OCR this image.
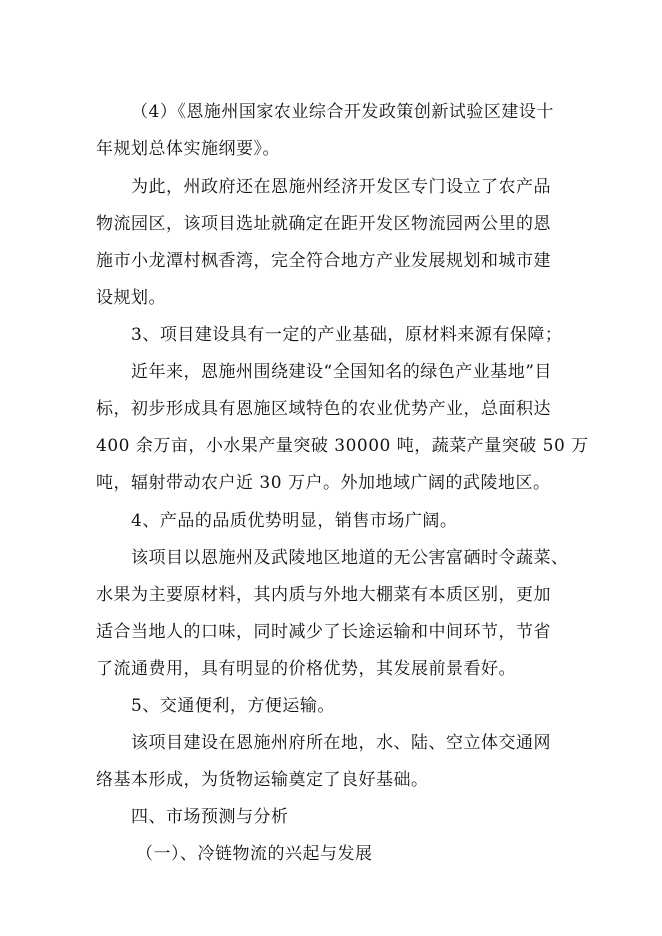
（4）《恩施州国家农业综合开发政策创新试验区建设十
年规划总体实施纲要》。
为此，州政府还在恩施州经济开发区专门设立了农产品
物流园区，该项目选址就确定在距开发区物流园两公里的恩
施市小龙潭村枫香湾，完全符合地方产业发展规划和城市建
设规划。
3、项目建设具有一定的产业基础，原材料来源有保障；
近年来，恩施州围绕建设“全国知名的绿色产业基地”目
标，初步形成具有恩施区域特色的农业优势产业，总面积达
400 余万亩，小水果产量突破 30000 吨，蔬菜产量突破 50 万
吨，辐射带动农户近 30 万户。外加地域广阔的武陵地区。
4、产品的品质优势明显，销售市场广阔。
该项目以恩施州及武陵地区地道的无公害富硒时令蔬菜、
水果为主要原材料，其内质与外地大棚菜有本质区别，更加
适合当地人的口味，同时减少了长途运输和中间环节，节省
了流通费用，具有明显的价格优势，其发展前景看好。
5、交通便利，方便运输。
该项目建设在恩施州府所在地，水、陆、空立体交通网
络基本形成，为货物运输奠定了良好基础。
四、市场预测与分析
（一）、冷链物流的兴起与发展
